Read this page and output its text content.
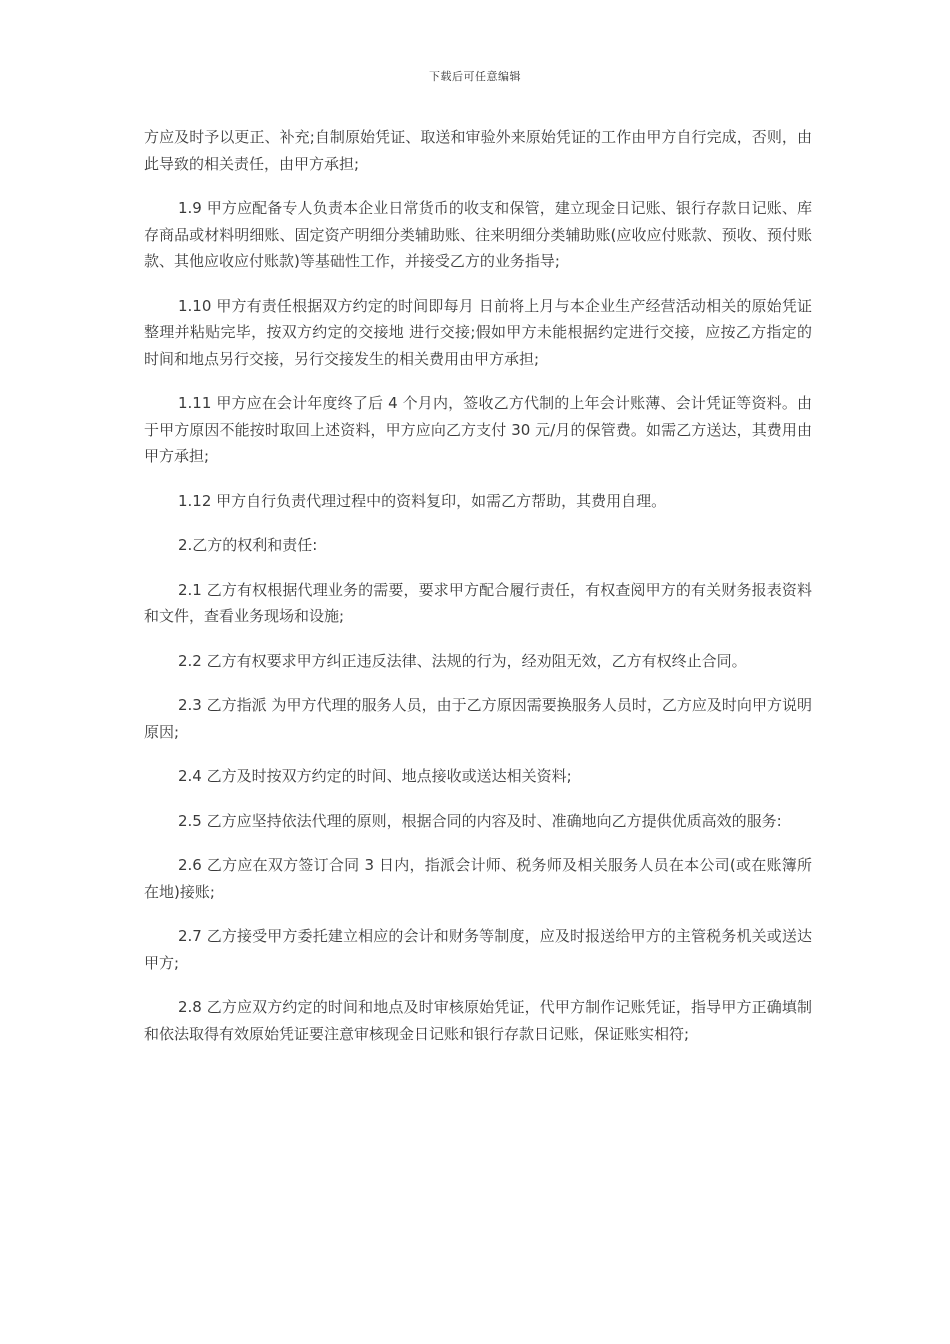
下载后可任意编辑

方应及时予以更正、补充;自制原始凭证、取送和审验外来原始凭证的工作由甲方自行完成，否则，由此导致的相关责任，由甲方承担;

1.9 甲方应配备专人负责本企业日常货币的收支和保管，建立现金日记账、银行存款日记账、库存商品或材料明细账、固定资产明细分类辅助账、往来明细分类辅助账(应收应付账款、预收、预付账款、其他应收应付账款)等基础性工作，并接受乙方的业务指导;

1.10 甲方有责任根据双方约定的时间即每月 日前将上月与本企业生产经营活动相关的原始凭证整理并粘贴完毕，按双方约定的交接地 进行交接;假如甲方未能根据约定进行交接，应按乙方指定的时间和地点另行交接，另行交接发生的相关费用由甲方承担;

1.11 甲方应在会计年度终了后 4 个月内，签收乙方代制的上年会计账薄、会计凭证等资料。由于甲方原因不能按时取回上述资料，甲方应向乙方支付 30 元/月的保管费。如需乙方送达，其费用由甲方承担;

1.12 甲方自行负责代理过程中的资料复印，如需乙方帮助，其费用自理。

2.乙方的权利和责任:

2.1 乙方有权根据代理业务的需要，要求甲方配合履行责任，有权查阅甲方的有关财务报表资料和文件，查看业务现场和设施;

2.2 乙方有权要求甲方纠正违反法律、法规的行为，经劝阻无效，乙方有权终止合同。

2.3 乙方指派 为甲方代理的服务人员，由于乙方原因需要换服务人员时，乙方应及时向甲方说明原因;

2.4 乙方及时按双方约定的时间、地点接收或送达相关资料;

2.5 乙方应坚持依法代理的原则，根据合同的内容及时、准确地向乙方提供优质高效的服务:

2.6 乙方应在双方签订合同 3 日内，指派会计师、税务师及相关服务人员在本公司(或在账簿所在地)接账;

2.7 乙方接受甲方委托建立相应的会计和财务等制度，应及时报送给甲方的主管税务机关或送达甲方;

2.8 乙方应双方约定的时间和地点及时审核原始凭证，代甲方制作记账凭证，指导甲方正确填制和依法取得有效原始凭证要注意审核现金日记账和银行存款日记账，保证账实相符;
